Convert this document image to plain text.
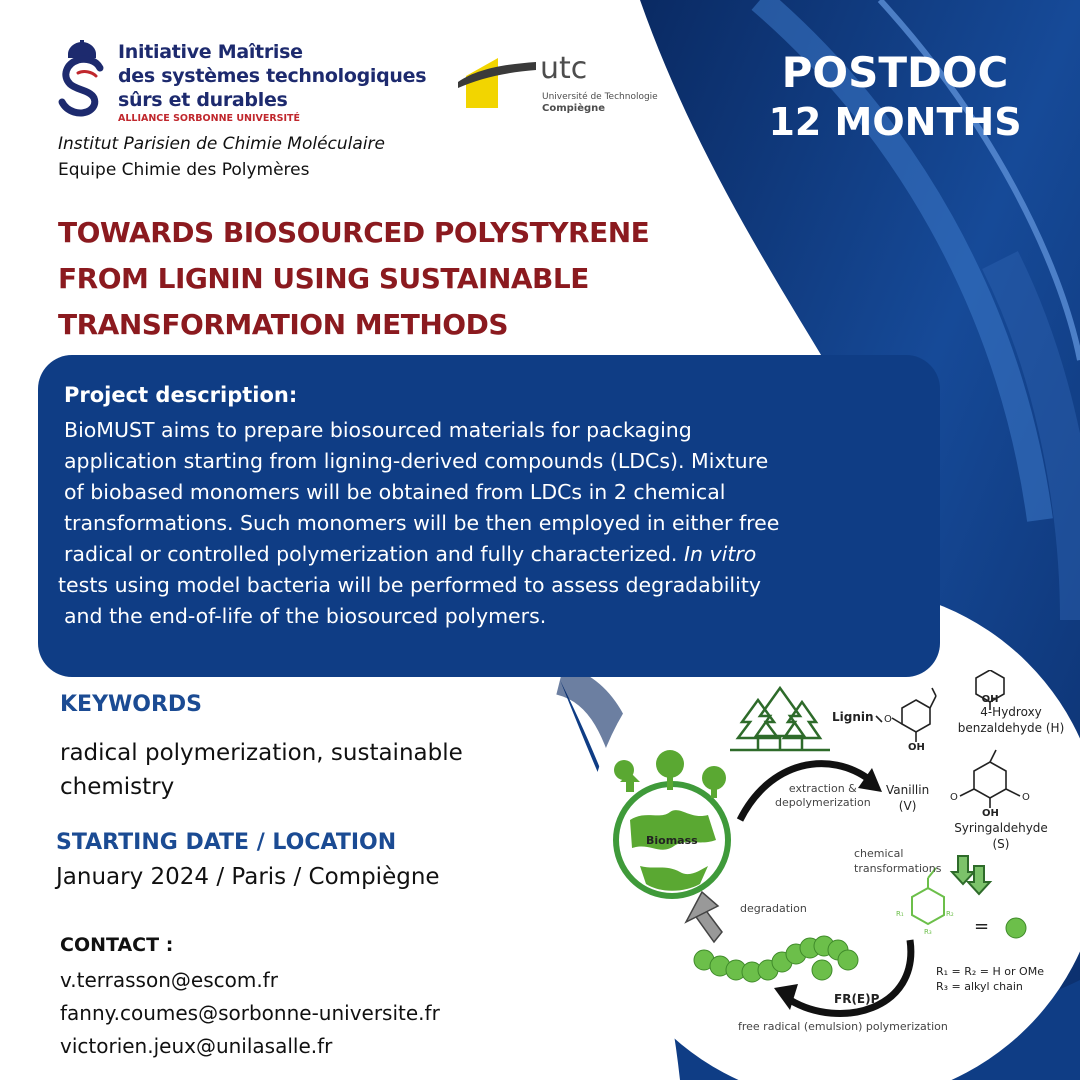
Initiative Maîtrise
des systèmes technologiques
sûrs et durables
ALLIANCE SORBONNE UNIVERSITÉ
utc
Université de Technologie
Compiègne
Institut Parisien de Chimie Moléculaire
Equipe Chimie des Polymères
POSTDOC
12 MONTHS
TOWARDS BIOSOURCED POLYSTYRENE
FROM LIGNIN USING SUSTAINABLE
TRANSFORMATION METHODS
Project description:
BioMUST aims to prepare biosourced materials for packaging
application starting from ligning-derived compounds (LDCs). Mixture
of biobased monomers will be obtained from LDCs in 2 chemical
transformations. Such monomers will be then employed in either free
radical or controlled polymerization and fully characterized. In vitro
tests using model bacteria will be performed to assess degradability
and the end-of-life of the biosourced polymers.
KEYWORDS
radical polymerization, sustainable
chemistry
STARTING DATE / LOCATION
January 2024 / Paris / Compiègne
CONTACT :
v.terrasson@escom.fr
fanny.coumes@sorbonne-universite.fr
victorien.jeux@unilasalle.fr
Lignin
Biomass
extraction &
depolymerization
OH
4-Hydroxy
benzaldehyde (H)
OH
O
Vanillin
(V)
O	O
OH
Syringaldehyde
(S)
chemical
transformations
degradation
=
R₁	R₂
R₃
R₁ = R₂ = H or OMe
R₃ = alkyl chain
FR(E)P
free radical (emulsion) polymerization
